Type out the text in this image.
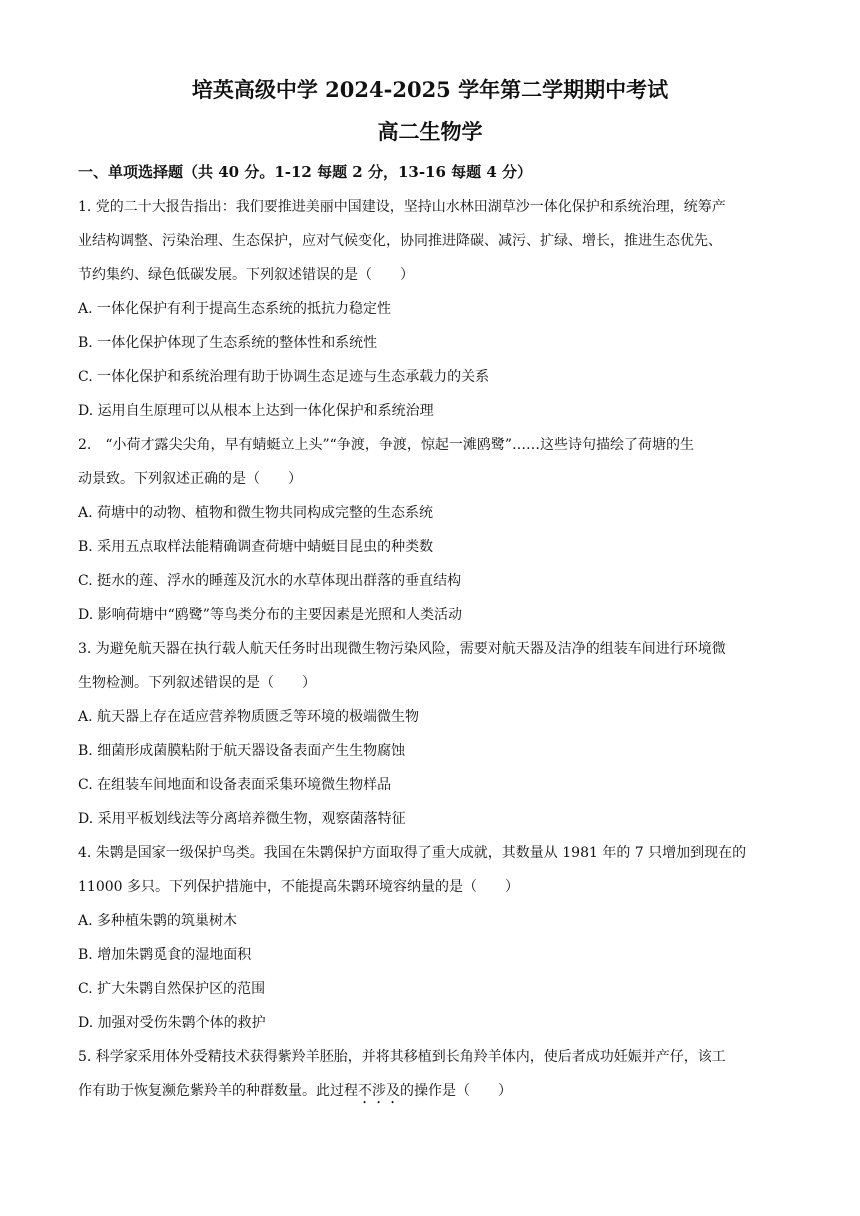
培英高级中学 2024-2025 学年第二学期期中考试
高二生物学
一、单项选择题（共 40 分。1-12 每题 2 分，13-16 每题 4 分）
1. 党的二十大报告指出：我们要推进美丽中国建设，坚持山水林田湖草沙一体化保护和系统治理，统筹产
业结构调整、污染治理、生态保护，应对气候变化，协同推进降碳、减污、扩绿、增长，推进生态优先、
节约集约、绿色低碳发展。下列叙述错误的是（　　）
A. 一体化保护有利于提高生态系统的抵抗力稳定性
B. 一体化保护体现了生态系统的整体性和系统性
C. 一体化保护和系统治理有助于协调生态足迹与生态承载力的关系
D. 运用自生原理可以从根本上达到一体化保护和系统治理
2.　“小荷才露尖尖角，早有蜻蜓立上头”“争渡，争渡，惊起一滩鸥鹭”……这些诗句描绘了荷塘的生
动景致。下列叙述正确的是（　　）
A. 荷塘中的动物、植物和微生物共同构成完整的生态系统
B. 采用五点取样法能精确调查荷塘中蜻蜓目昆虫的种类数
C. 挺水的莲、浮水的睡莲及沉水的水草体现出群落的垂直结构
D. 影响荷塘中“鸥鹭”等鸟类分布的主要因素是光照和人类活动
3. 为避免航天器在执行载人航天任务时出现微生物污染风险，需要对航天器及洁净的组装车间进行环境微
生物检测。下列叙述错误的是（　　）
A. 航天器上存在适应营养物质匮乏等环境的极端微生物
B. 细菌形成菌膜粘附于航天器设备表面产生生物腐蚀
C. 在组装车间地面和设备表面采集环境微生物样品
D. 采用平板划线法等分离培养微生物，观察菌落特征
4. 朱鹮是国家一级保护鸟类。我国在朱鹮保护方面取得了重大成就，其数量从 1981 年的 7 只增加到现在的
11000 多只。下列保护措施中，不能提高朱鹮环境容纳量的是（　　）
A. 多种植朱鹮的筑巢树木
B. 增加朱鹮觅食的湿地面积
C. 扩大朱鹮自然保护区的范围
D. 加强对受伤朱鹮个体的救护
5. 科学家采用体外受精技术获得紫羚羊胚胎，并将其移植到长角羚羊体内，使后者成功妊娠并产仔，该工
作有助于恢复濒危紫羚羊的种群数量。此过程不涉及的操作是（　　）
